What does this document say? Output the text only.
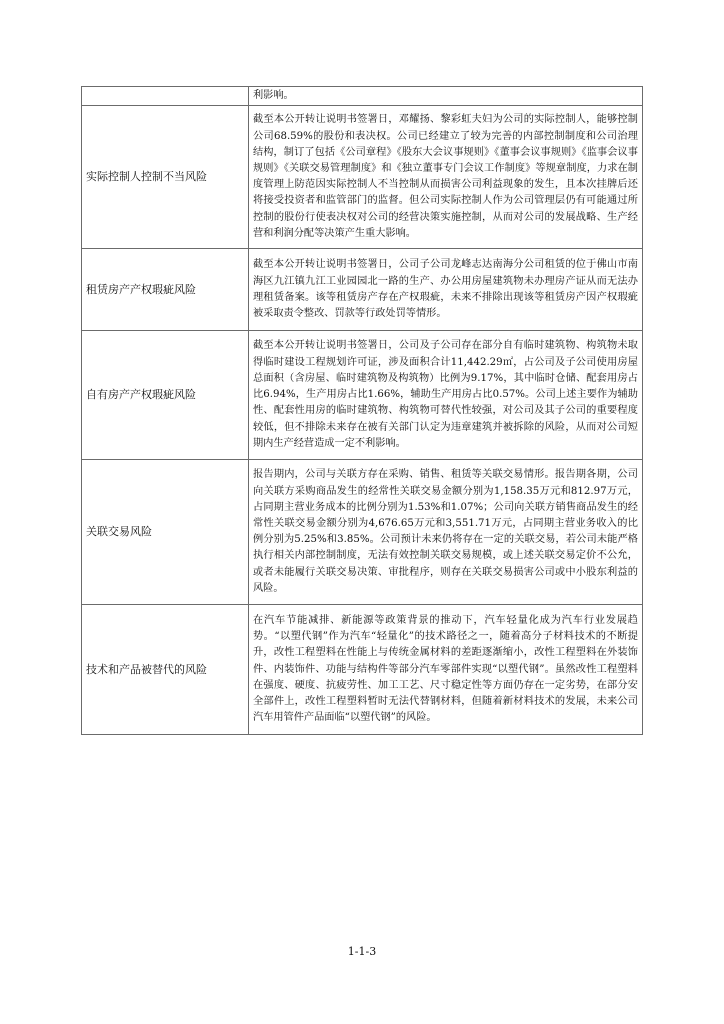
	利影响。
实际控制人控制不当风险	截至本公开转让说明书签署日，邓耀扬、黎彩虹夫妇为公司的实际控制人，能够控制公司68.59%的股份和表决权。公司已经建立了较为完善的内部控制制度和公司治理结构，制订了包括《公司章程》《股东大会议事规则》《董事会议事规则》《监事会议事规则》《关联交易管理制度》和《独立董事专门会议工作制度》等规章制度，力求在制度管理上防范因实际控制人不当控制从而损害公司利益现象的发生，且本次挂牌后还将接受投资者和监管部门的监督。但公司实际控制人作为公司管理层仍有可能通过所控制的股份行使表决权对公司的经营决策实施控制，从而对公司的发展战略、生产经营和利润分配等决策产生重大影响。
租赁房产产权瑕疵风险	截至本公开转让说明书签署日，公司子公司龙峰志达南海分公司租赁的位于佛山市南海区九江镇九江工业园园北一路的生产、办公用房屋建筑物未办理房产证从而无法办理租赁备案。该等租赁房产存在产权瑕疵，未来不排除出现该等租赁房产因产权瑕疵被采取责令整改、罚款等行政处罚等情形。
自有房产产权瑕疵风险	截至本公开转让说明书签署日，公司及子公司存在部分自有临时建筑物、构筑物未取得临时建设工程规划许可证，涉及面积合计11,442.29㎡，占公司及子公司使用房屋总面积（含房屋、临时建筑物及构筑物）比例为9.17%，其中临时仓储、配套用房占比6.94%，生产用房占比1.66%，辅助生产用房占比0.57%。公司上述主要作为辅助性、配套性用房的临时建筑物、构筑物可替代性较强，对公司及其子公司的重要程度较低，但不排除未来存在被有关部门认定为违章建筑并被拆除的风险，从而对公司短期内生产经营造成一定不利影响。
关联交易风险	报告期内，公司与关联方存在采购、销售、租赁等关联交易情形。报告期各期，公司向关联方采购商品发生的经常性关联交易金额分别为1,158.35万元和812.97万元，占同期主营业务成本的比例分别为1.53%和1.07%；公司向关联方销售商品发生的经常性关联交易金额分别为4,676.65万元和3,551.71万元，占同期主营业务收入的比例分别为5.25%和3.85%。公司预计未来仍将存在一定的关联交易，若公司未能严格执行相关内部控制制度，无法有效控制关联交易规模，或上述关联交易定价不公允，或者未能履行关联交易决策、审批程序，则存在关联交易损害公司或中小股东利益的风险。
技术和产品被替代的风险	在汽车节能减排、新能源等政策背景的推动下，汽车轻量化成为汽车行业发展趋势。“以塑代钢”作为汽车“轻量化”的技术路径之一，随着高分子材料技术的不断提升，改性工程塑料在性能上与传统金属材料的差距逐渐缩小，改性工程塑料在外装饰件、内装饰件、功能与结构件等部分汽车零部件实现“以塑代钢”。虽然改性工程塑料在强度、硬度、抗疲劳性、加工工艺、尺寸稳定性等方面仍存在一定劣势，在部分安全部件上，改性工程塑料暂时无法代替钢材料，但随着新材料技术的发展，未来公司汽车用管件产品面临“以塑代钢”的风险。
1-1-3
